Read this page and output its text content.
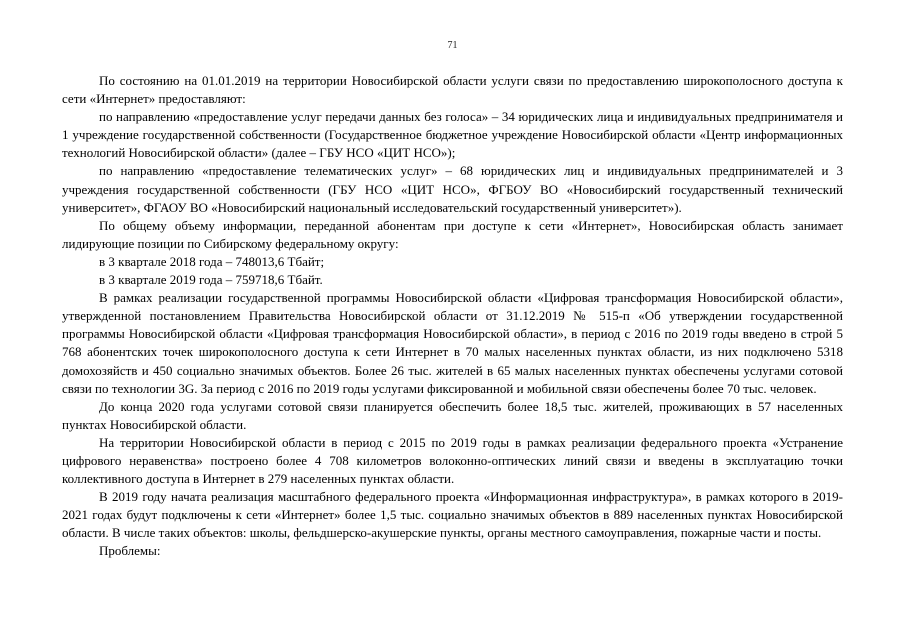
71

По состоянию на 01.01.2019 на территории Новосибирской области услуги связи по предоставлению широкополосного доступа к сети «Интернет» предоставляют:

по направлению «предоставление услуг передачи данных без голоса» – 34 юридических лица и индивидуальных предпринимателя и 1 учреждение государственной собственности (Государственное бюджетное учреждение Новосибирской области «Центр информационных технологий Новосибирской области» (далее – ГБУ НСО «ЦИТ НСО»);

по направлению «предоставление телематических услуг» – 68 юридических лиц и индивидуальных предпринимателей и 3 учреждения государственной собственности (ГБУ НСО «ЦИТ НСО», ФГБОУ ВО «Новосибирский государственный технический университет», ФГАОУ ВО «Новосибирский национальный исследовательский государственный университет»).

По общему объему информации, переданной абонентам при доступе к сети «Интернет», Новосибирская область занимает лидирующие позиции по Сибирскому федеральному округу:

в 3 квартале 2018 года – 748013,6 Тбайт;

в 3 квартале 2019 года – 759718,6 Тбайт.

В рамках реализации государственной программы Новосибирской области «Цифровая трансформация Новосибирской области», утвержденной постановлением Правительства Новосибирской области от 31.12.2019 № 515-п «Об утверждении государственной программы Новосибирской области «Цифровая трансформация Новосибирской области», в период с 2016 по 2019 годы введено в строй 5 768 абонентских точек широкополосного доступа к сети Интернет в 70 малых населенных пунктах области, из них подключено 5318 домохозяйств и 450 социально значимых объектов. Более 26 тыс. жителей в 65 малых населенных пунктах обеспечены услугами сотовой связи по технологии 3G. За период с 2016 по 2019 годы услугами фиксированной и мобильной связи обеспечены более 70 тыс. человек.

До конца 2020 года услугами сотовой связи планируется обеспечить более 18,5 тыс. жителей, проживающих в 57 населенных пунктах Новосибирской области.

На территории Новосибирской области в период с 2015 по 2019 годы в рамках реализации федерального проекта «Устранение цифрового неравенства» построено более 4 708 километров волоконно-оптических линий связи и введены в эксплуатацию точки коллективного доступа в Интернет в 279 населенных пунктах области.

В 2019 году начата реализация масштабного федерального проекта «Информационная инфраструктура», в рамках которого в 2019-2021 годах будут подключены к сети «Интернет» более 1,5 тыс. социально значимых объектов в 889 населенных пунктах Новосибирской области. В числе таких объектов: школы, фельдшерско-акушерские пункты, органы местного самоуправления, пожарные части и посты.

Проблемы:
